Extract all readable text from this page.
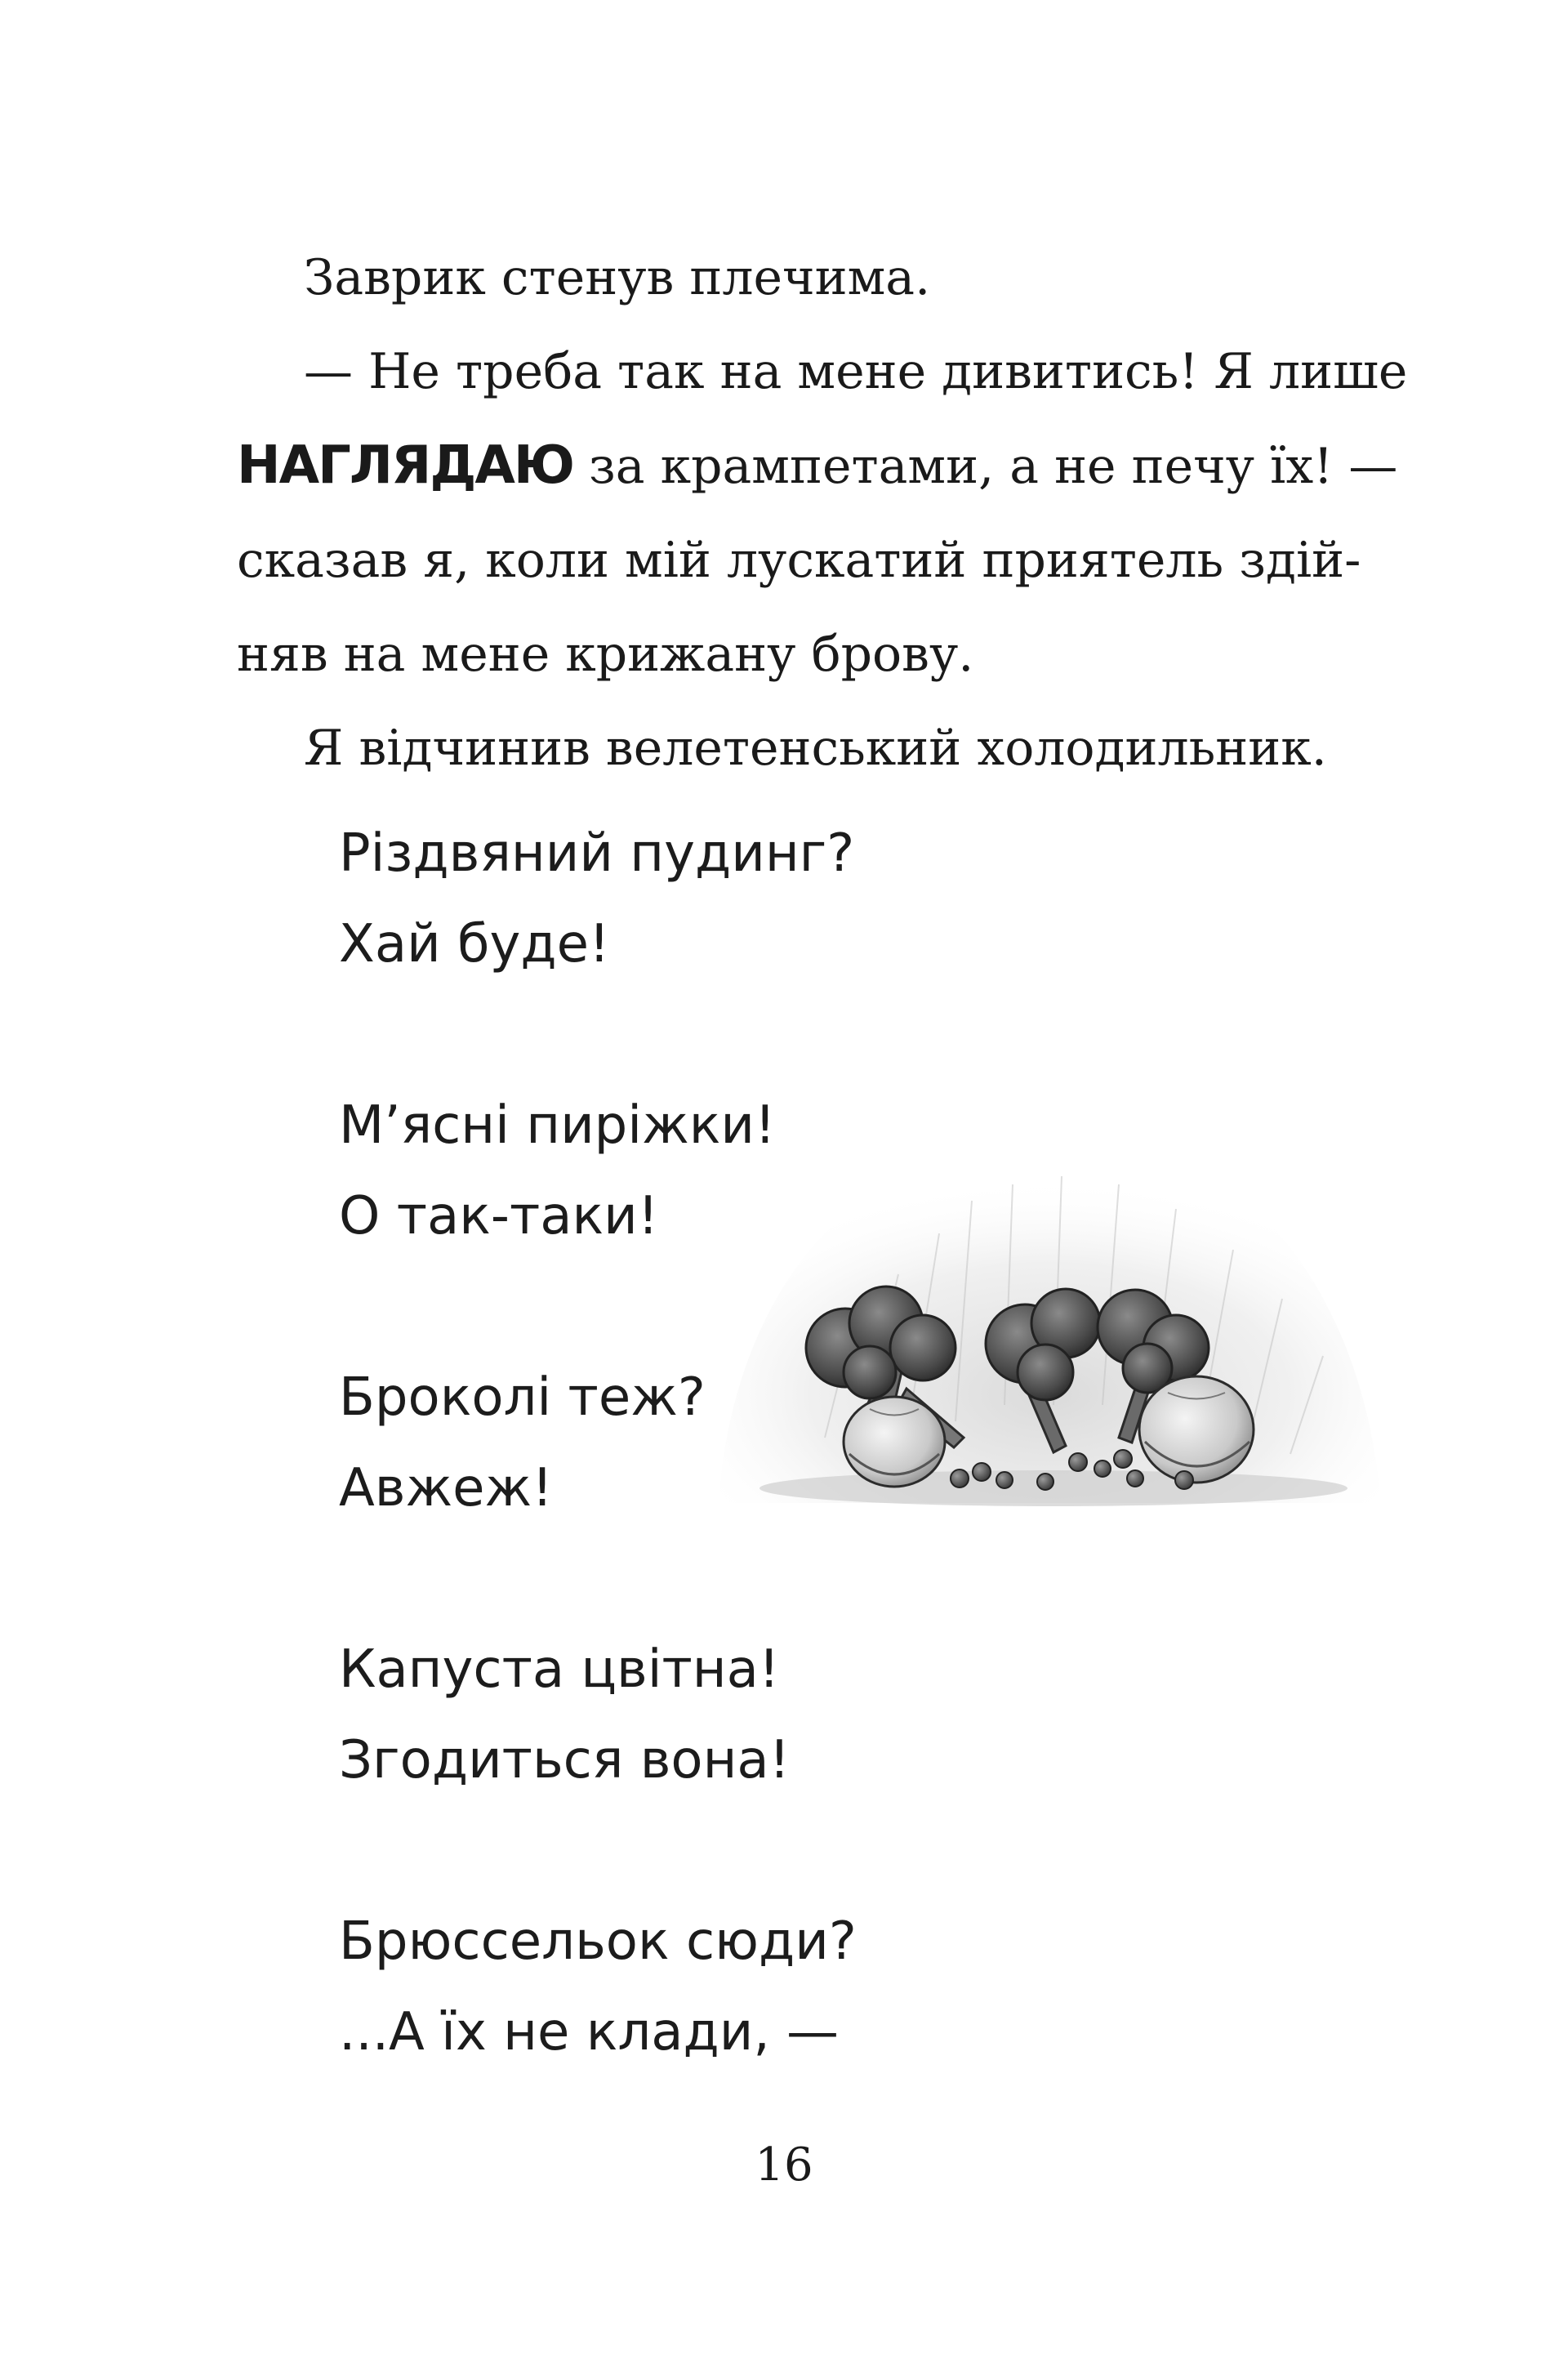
Заврик стенув плечима.

— Не треба так на мене дивитись! Я лише

НАГЛЯДАЮ за крампетами, а не печу їх! —

сказав я, коли мій лускатий приятель здій-

няв на мене крижану брову.

Я відчинив велетенський холодильник.

Різдвяний пудинг?
Хай буде!
М’ясні пиріжки!
О так-таки!
Броколі теж?
Авжеж!
Капуста цвітна!
Згодиться вона!
Брюссельок сюди?
...А їх не клади, —
16
